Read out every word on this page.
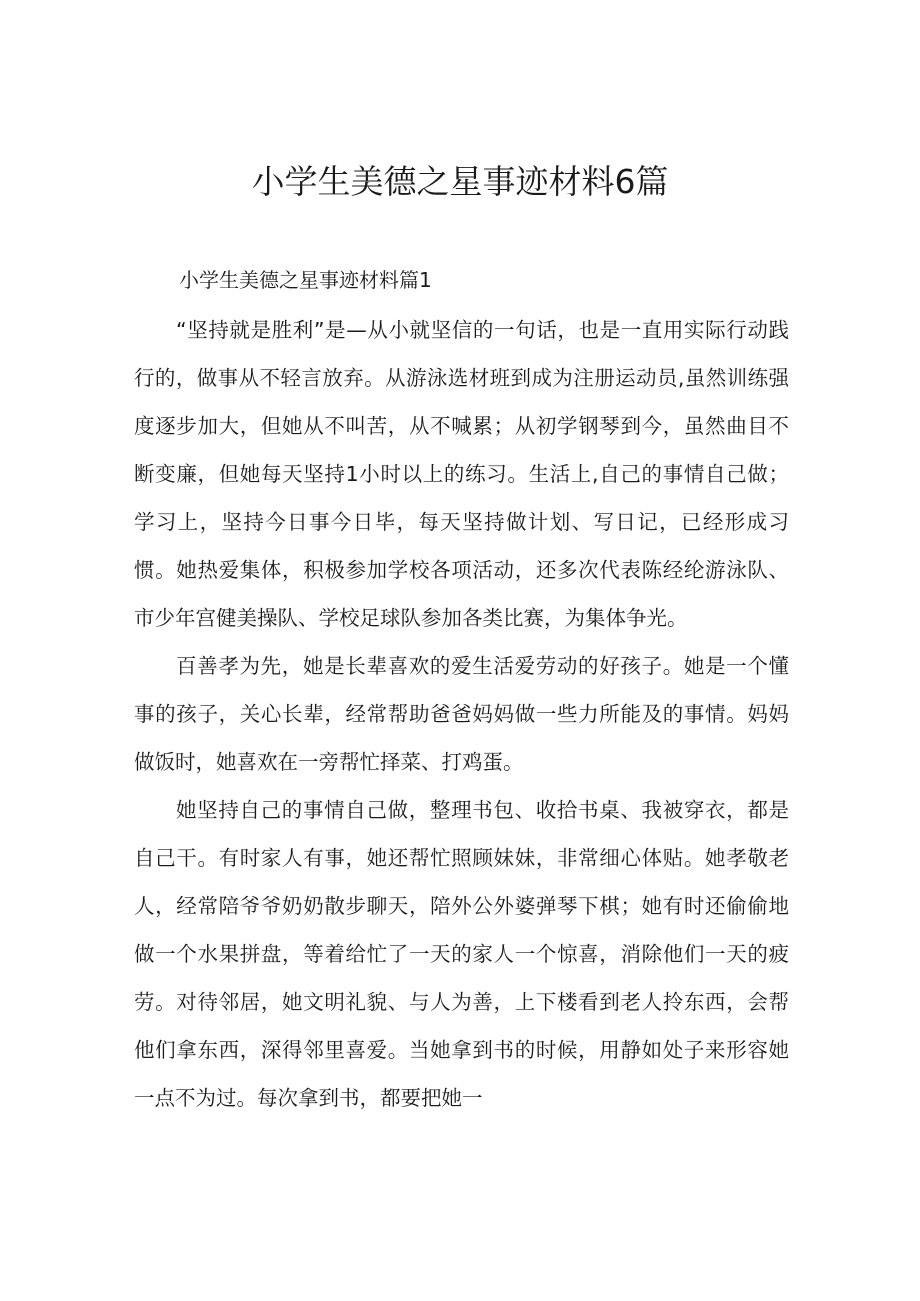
小学生美德之星事迹材料6篇
小学生美德之星事迹材料篇1

“坚持就是胜利”是—从小就坚信的一句话，也是一直用实际行动践行的，做事从不轻言放弃。从游泳选材班到成为注册运动员,虽然训练强度逐步加大，但她从不叫苦，从不喊累；从初学钢琴到今，虽然曲目不断变廉，但她每天坚持1小时以上的练习。生活上,自己的事情自己做；学习上，坚持今日事今日毕，每天坚持做计划、写日记，已经形成习惯。她热爱集体，积极参加学校各项活动，还多次代表陈经纶游泳队、市少年宫健美操队、学校足球队参加各类比赛，为集体争光。

百善孝为先，她是长辈喜欢的爱生活爱劳动的好孩子。她是一个懂事的孩子，关心长辈，经常帮助爸爸妈妈做一些力所能及的事情。妈妈做饭时，她喜欢在一旁帮忙择菜、打鸡蛋。

她坚持自己的事情自己做，整理书包、收拾书桌、我被穿衣，都是自己干。有时家人有事，她还帮忙照顾妹妹，非常细心体贴。她孝敬老人，经常陪爷爷奶奶散步聊天，陪外公外婆弹琴下棋；她有时还偷偷地做一个水果拼盘，等着给忙了一天的家人一个惊喜，消除他们一天的疲劳。对待邻居，她文明礼貌、与人为善，上下楼看到老人拎东西，会帮他们拿东西，深得邻里喜爱。当她拿到书的时候，用静如处子来形容她一点不为过。每次拿到书，都要把她一
